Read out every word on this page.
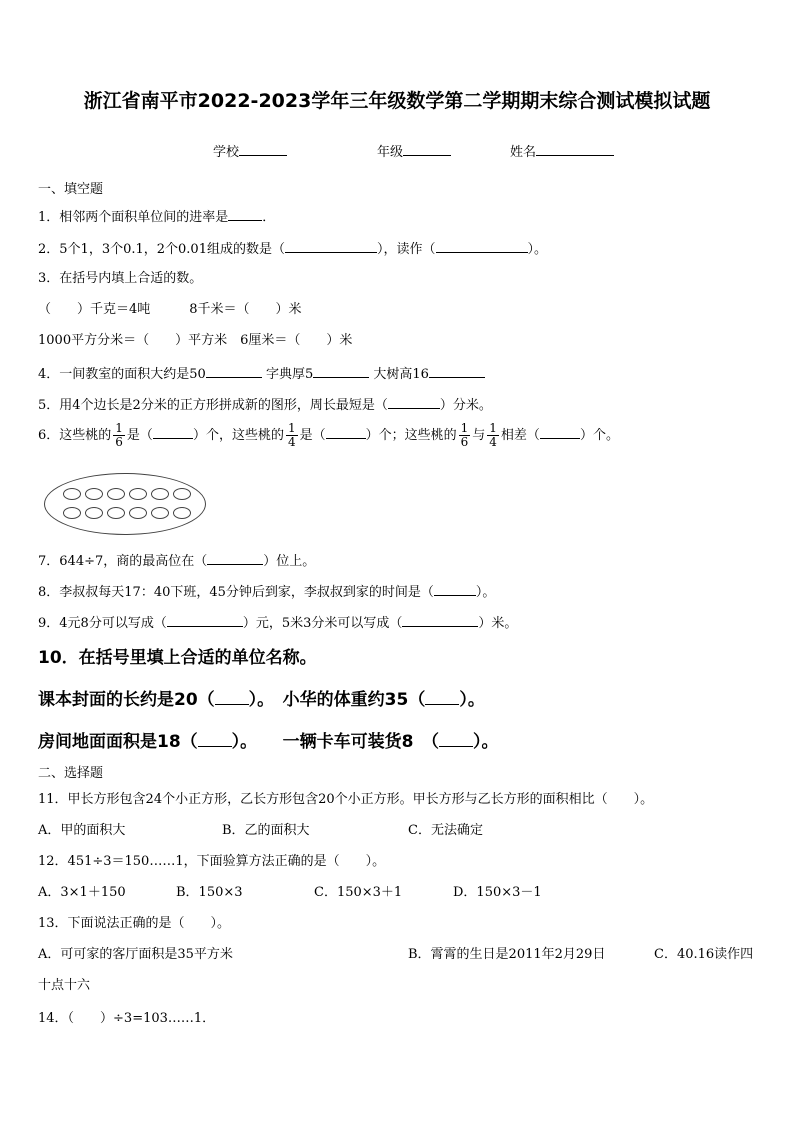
浙江省南平市2022-2023学年三年级数学第二学期期末综合测试模拟试题
学校	年级	姓名
一、填空题
1．相邻两个面积单位间的进率是	．
2．5个1，3个0.1，2个0.01组成的数是（	），读作（	）。
3．在括号内填上合适的数。
（　　）千克＝4吨　　　8千米＝（　　）米
1000平方分米＝（　　）平方米　6厘米＝（　　）米
4．一间教室的面积大约是50	字典厚5	大树高16
5．用4个边长是2分米的正方形拼成新的图形，周长最短是（	）分米。
6．这些桃的 $\frac{1}{6}$ 是（	）个，这些桃的 $\frac{1}{4}$ 是（	）个；这些桃的 $\frac{1}{6}$ 与 $\frac{1}{4}$ 相差（	）个。
7．644÷7，商的最高位在（	）位上。
8．李叔叔每天17：40下班，45分钟后到家，李叔叔到家的时间是（	）。
9．4元8分可以写成（	）元，5米3分米可以写成（	）米。
10．在括号里填上合适的单位名称。
课本封面的长约是20（ ）。　小华的体重约35（ ）。
房间地面面积是18（ ）。　　一辆卡车可装货8　（ ）。
二、选择题
11．甲长方形包含24个小正方形，乙长方形包含20个小正方形。甲长方形与乙长方形的面积相比（　　）。
A．甲的面积大	B．乙的面积大	C．无法确定
12．451÷3＝150……1，下面验算方法正确的是（　　）。
A．3×1＋150	B．150×3	C．150×3＋1	D．150×3－1
13．下面说法正确的是（　　）。
A．可可家的客厅面积是35平方米	B．霄霄的生日是2011年2月29日	C．40.16读作四
十点十六
14．（　　）÷3=103……1．
